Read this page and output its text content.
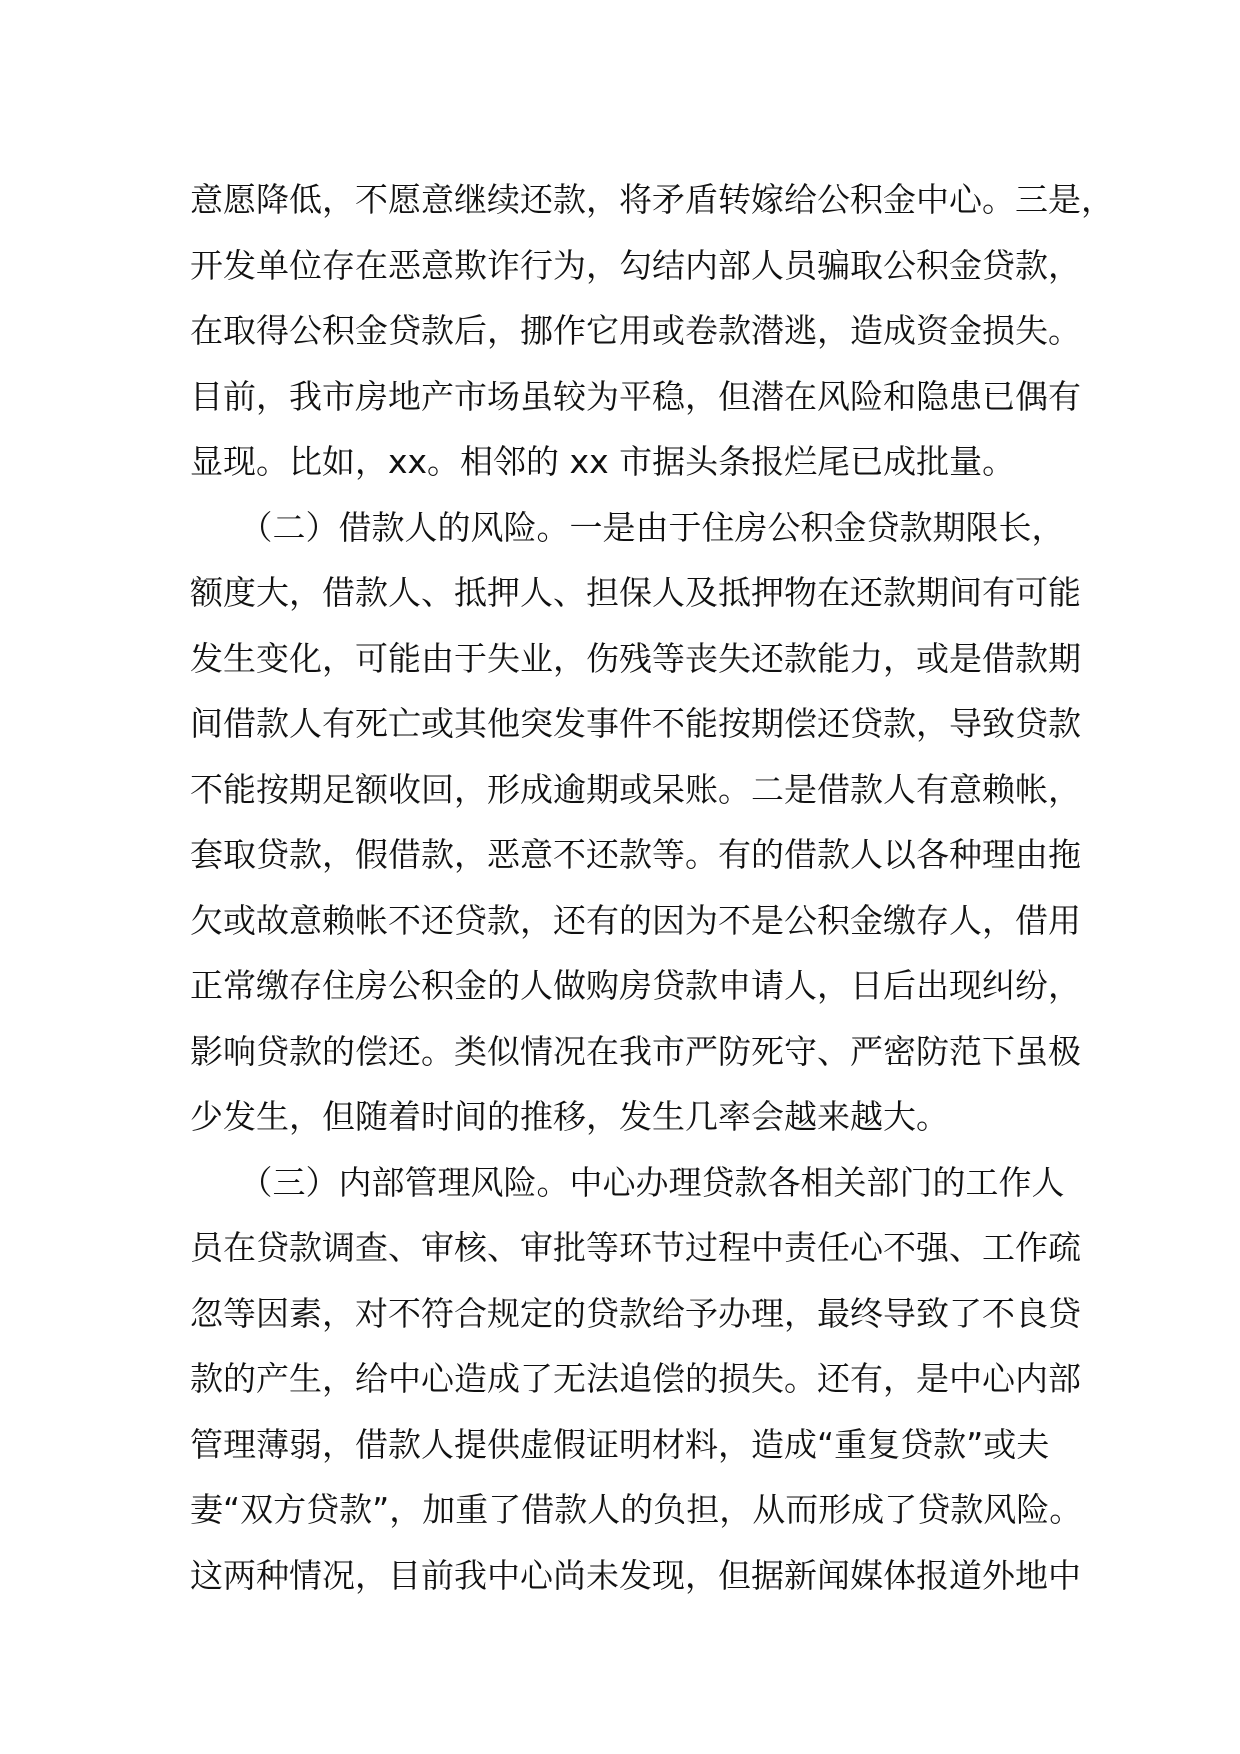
意愿降低，不愿意继续还款，将矛盾转嫁给公积金中心。三是，
开发单位存在恶意欺诈行为，勾结内部人员骗取公积金贷款，
在取得公积金贷款后，挪作它用或卷款潜逃，造成资金损失。
目前，我市房地产市场虽较为平稳，但潜在风险和隐患已偶有
显现。比如，xx。相邻的 xx 市据头条报烂尾已成批量。
　　（二）借款人的风险。一是由于住房公积金贷款期限长，
额度大，借款人、抵押人、担保人及抵押物在还款期间有可能
发生变化，可能由于失业，伤残等丧失还款能力，或是借款期
间借款人有死亡或其他突发事件不能按期偿还贷款，导致贷款
不能按期足额收回，形成逾期或呆账。二是借款人有意赖帐，
套取贷款，假借款，恶意不还款等。有的借款人以各种理由拖
欠或故意赖帐不还贷款，还有的因为不是公积金缴存人，借用
正常缴存住房公积金的人做购房贷款申请人，日后出现纠纷，
影响贷款的偿还。类似情况在我市严防死守、严密防范下虽极
少发生，但随着时间的推移，发生几率会越来越大。
　　（三）内部管理风险。中心办理贷款各相关部门的工作人
员在贷款调查、审核、审批等环节过程中责任心不强、工作疏
忽等因素，对不符合规定的贷款给予办理，最终导致了不良贷
款的产生，给中心造成了无法追偿的损失。还有，是中心内部
管理薄弱，借款人提供虚假证明材料，造成“重复贷款”或夫
妻“双方贷款”，加重了借款人的负担，从而形成了贷款风险。
这两种情况，目前我中心尚未发现，但据新闻媒体报道外地中
